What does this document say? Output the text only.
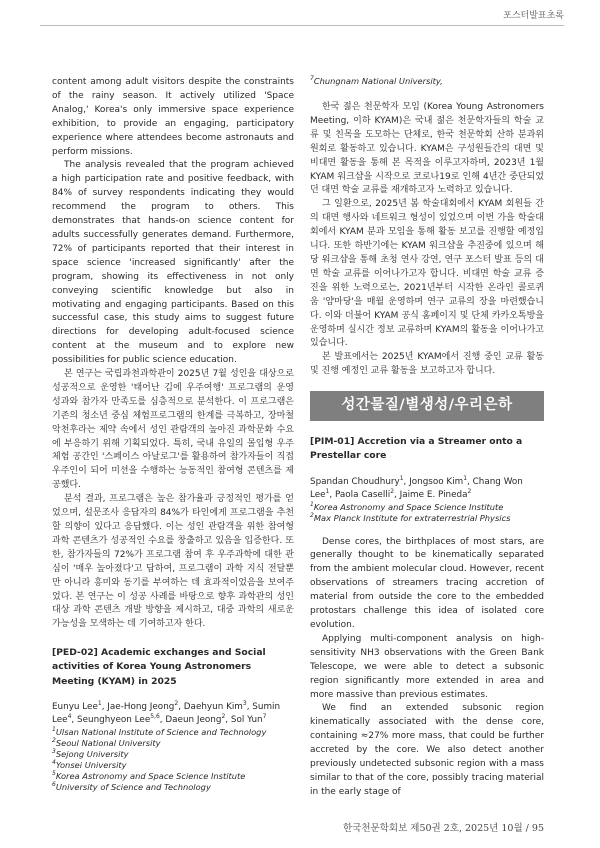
포스터발표초록

content among adult visitors despite the constraints of the rainy season. It actively utilized 'Space Analog,' Korea's only immersive space experience exhibition, to provide an engaging, participatory experience where attendees become astronauts and perform missions.

The analysis revealed that the program achieved a high participation rate and positive feedback, with 84% of survey respondents indicating they would recommend the program to others. This demonstrates that hands-on science content for adults successfully generates demand. Furthermore, 72% of participants reported that their interest in space science 'increased significantly' after the program, showing its effectiveness in not only conveying scientific knowledge but also in motivating and engaging participants. Based on this successful case, this study aims to suggest future directions for developing adult-focused science content at the museum and to explore new possibilities for public science education.

본 연구는 국립과천과학관이 2025년 7월 성인을 대상으로 성공적으로 운영한 '태어난 김에 우주여행' 프로그램의 운영 성과와 참가자 만족도를 심층적으로 분석한다. 이 프로그램은 기존의 청소년 중심 체험프로그램의 한계를 극복하고, 장마철 악천후라는 제약 속에서 성인 관람객의 높아진 과학문화 수요에 부응하기 위해 기획되었다. 특히, 국내 유일의 몰입형 우주 체험 공간인 '스페이스 아날로그'를 활용하여 참가자들이 직접 우주인이 되어 미션을 수행하는 능동적인 참여형 콘텐츠를 제공했다.

분석 결과, 프로그램은 높은 참가율과 긍정적인 평가를 얻었으며, 설문조사 응답자의 84%가 타인에게 프로그램을 추천할 의향이 있다고 응답했다. 이는 성인 관람객을 위한 참여형 과학 콘텐츠가 성공적인 수요를 창출하고 있음을 입증한다. 또한, 참가자들의 72%가 프로그램 참여 후 우주과학에 대한 관심이 '매우 높아졌다'고 답하여, 프로그램이 과학 지식 전달뿐만 아니라 흥미와 동기를 부여하는 데 효과적이었음을 보여주었다. 본 연구는 이 성공 사례를 바탕으로 향후 과학관의 성인 대상 과학 콘텐츠 개발 방향을 제시하고, 대중 과학의 새로운 가능성을 모색하는 데 기여하고자 한다.

[PED-02] Academic exchanges and Social activities of Korea Young Astronomers Meeting (KYAM) in 2025

Eunyu Lee$^1$, Jae-Hong Jeong$^2$, Daehyun Kim$^3$, Sumin Lee$^4$, Seunghyeon Lee$^{5,6}$, Daeun Jeong$^2$, Sol Yun$^7$

$^1$Ulsan National Institute of Science and Technology

$^2$Seoul National University

$^3$Sejong University

$^4$Yonsei University

$^5$Korea Astronomy and Space Science Institute

$^6$University of Science and Technology

$^7$Chungnam National University,

한국 젊은 천문학자 모임 (Korea Young Astronomers Meeting, 이하 KYAM)은 국내 젊은 천문학자들의 학술 교류 및 친목을 도모하는 단체로, 한국 천문학회 산하 분과위원회로 활동하고 있습니다. KYAM은 구성원들간의 대면 및 비대면 활동을 통해 본 목적을 이루고자하며, 2023년 1월 KYAM 워크샵을 시작으로 코로나19로 인해 4년간 중단되었던 대면 학술 교류를 재개하고자 노력하고 있습니다.

그 일환으로, 2025년 봄 학술대회에서 KYAM 회원들 간의 대면 행사와 네트워크 형성이 있었으며 이번 가을 학술대회에서 KYAM 분과 모임을 통해 활동 보고를 진행할 예정입니다. 또한 하반기에는 KYAM 워크샵을 추진중에 있으며 해당 워크샵을 통해 초청 연사 강연, 연구 포스터 발표 등의 대면 학술 교류를 이어나가고자 합니다. 비대면 학술 교류 증진을 위한 노력으로는, 2021년부터 시작한 온라인 콜로퀴움 '얌마당'을 매월 운영하며 연구 교류의 장을 마련했습니다. 이와 더불어 KYAM 공식 홈페이지 및 단체 카카오톡방을 운영하며 실시간 정보 교류하며 KYAM의 활동을 이어나가고 있습니다.

본 발표에서는 2025년 KYAM에서 진행 중인 교류 활동 및 진행 예정인 교류 활동을 보고하고자 합니다.

성간물질/별생성/우리은하

[PIM-01] Accretion via a Streamer onto a Prestellar core

Spandan Choudhury$^1$, Jongsoo Kim$^1$, Chang Won Lee$^1$, Paola Caselli$^2$, Jaime E. Pineda$^2$

$^1$Korea Astronomy and Space Science Institute

$^2$Max Planck Institute for extraterrestrial Physics

Dense cores, the birthplaces of most stars, are generally thought to be kinematically separated from the ambient molecular cloud. However, recent observations of streamers tracing accretion of material from outside the core to the embedded protostars challenge this idea of isolated core evolution.

Applying multi-component analysis on high-sensitivity NH3 observations with the Green Bank Telescope, we were able to detect a subsonic region significantly more extended in area and more massive than previous estimates.

We find an extended subsonic region kinematically associated with the dense core, containing ≈27% more mass, that could be further accreted by the core. We also detect another previously undetected subsonic region with a mass similar to that of the core, possibly tracing material in the early stage of

한국천문학회보 제50권 2호, 2025년 10월 / 95
